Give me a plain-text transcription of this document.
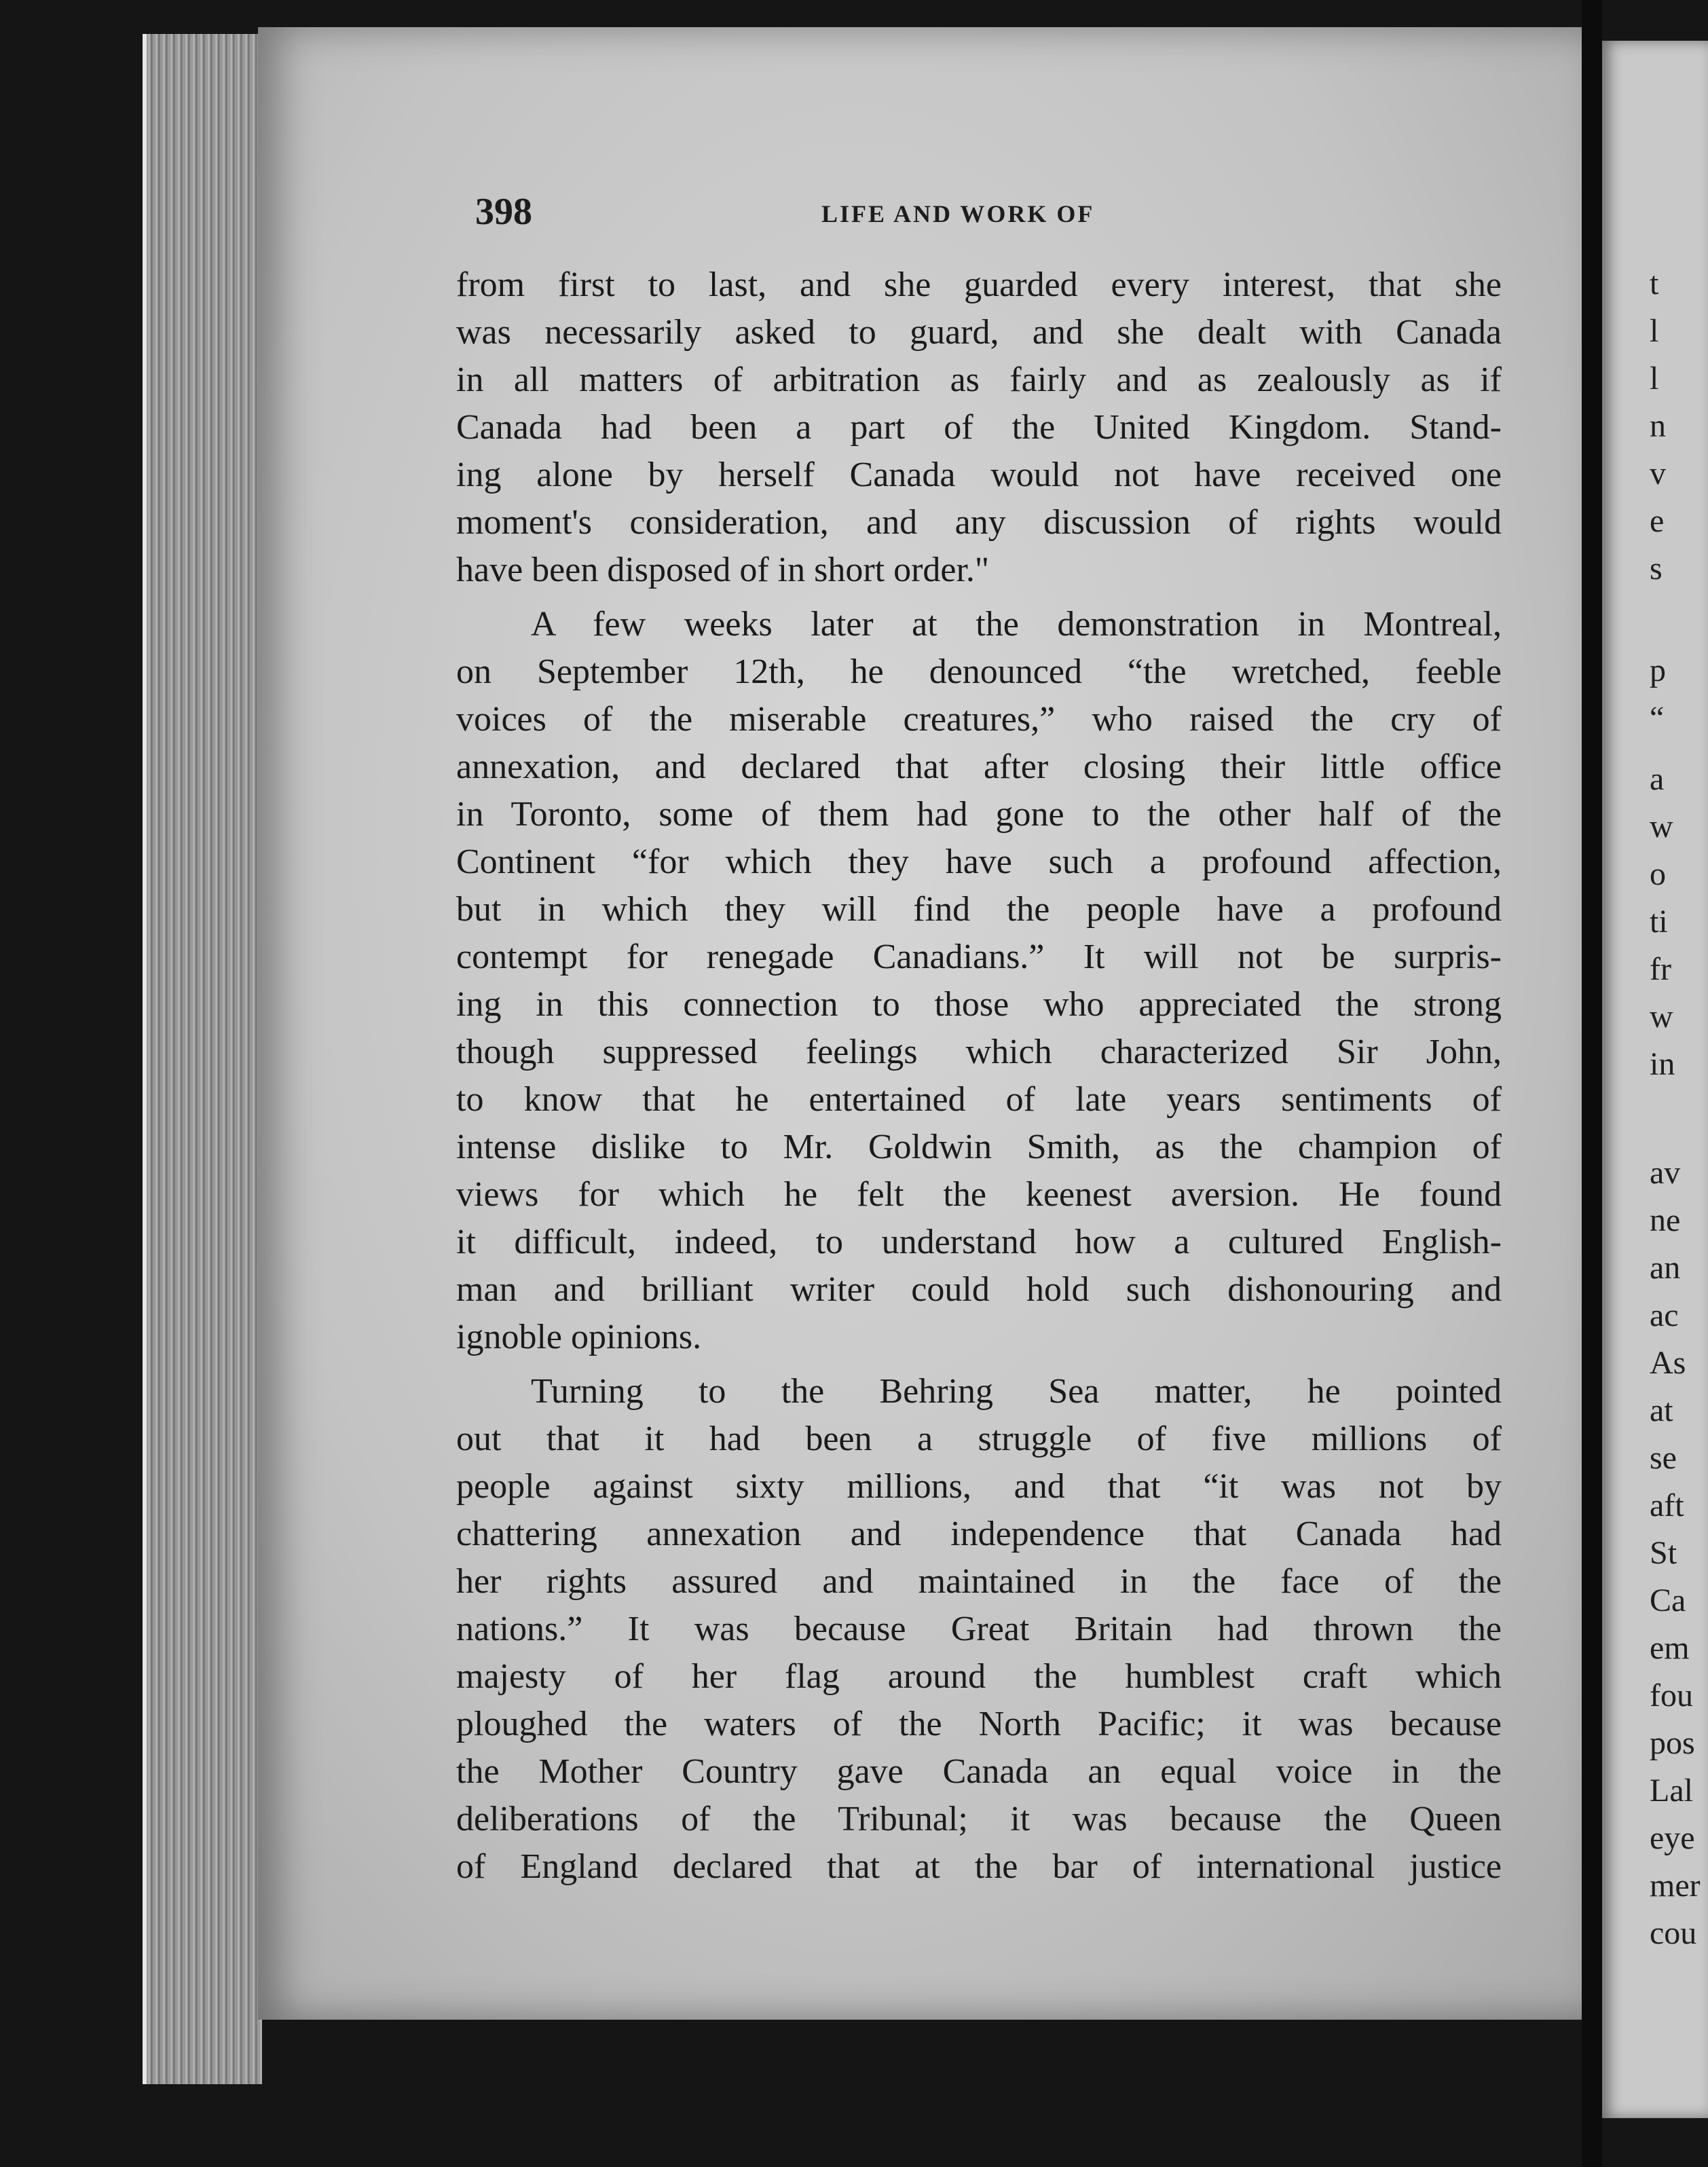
398	LIFE AND WORK OF
from first to last, and she guarded every interest, that she
was necessarily asked to guard, and she dealt with Canada
in all matters of arbitration as fairly and as zealously as if
Canada had been a part of the United Kingdom. Stand-
ing alone by herself Canada would not have received one
moment's consideration, and any discussion of rights would
have been disposed of in short order."
A few weeks later at the demonstration in Montreal,
on September 12th, he denounced “the wretched, feeble
voices of the miserable creatures,” who raised the cry of
annexation, and declared that after closing their little office
in Toronto, some of them had gone to the other half of the
Continent “for which they have such a profound affection,
but in which they will find the people have a profound
contempt for renegade Canadians.” It will not be surpris-
ing in this connection to those who appreciated the strong
though suppressed feelings which characterized Sir John,
to know that he entertained of late years sentiments of
intense dislike to Mr. Goldwin Smith, as the champion of
views for which he felt the keenest aversion. He found
it difficult, indeed, to understand how a cultured English-
man and brilliant writer could hold such dishonouring and
ignoble opinions.
Turning to the Behring Sea matter, he pointed
out that it had been a struggle of five millions of
people against sixty millions, and that “it was not by
chattering annexation and independence that Canada had
her rights assured and maintained in the face of the
nations.” It was because Great Britain had thrown the
majesty of her flag around the humblest craft which
ploughed the waters of the North Pacific; it was because
the Mother Country gave Canada an equal voice in the
deliberations of the Tribunal; it was because the Queen
of England declared that at the bar of international justice
t
l
l
n
v
e
s
p
“
a
w
o
ti
fr
w
in
av
ne
an
ac
As
at
se
aft
St
Ca
em
fou
pos
Lal
eye
mer
cou
